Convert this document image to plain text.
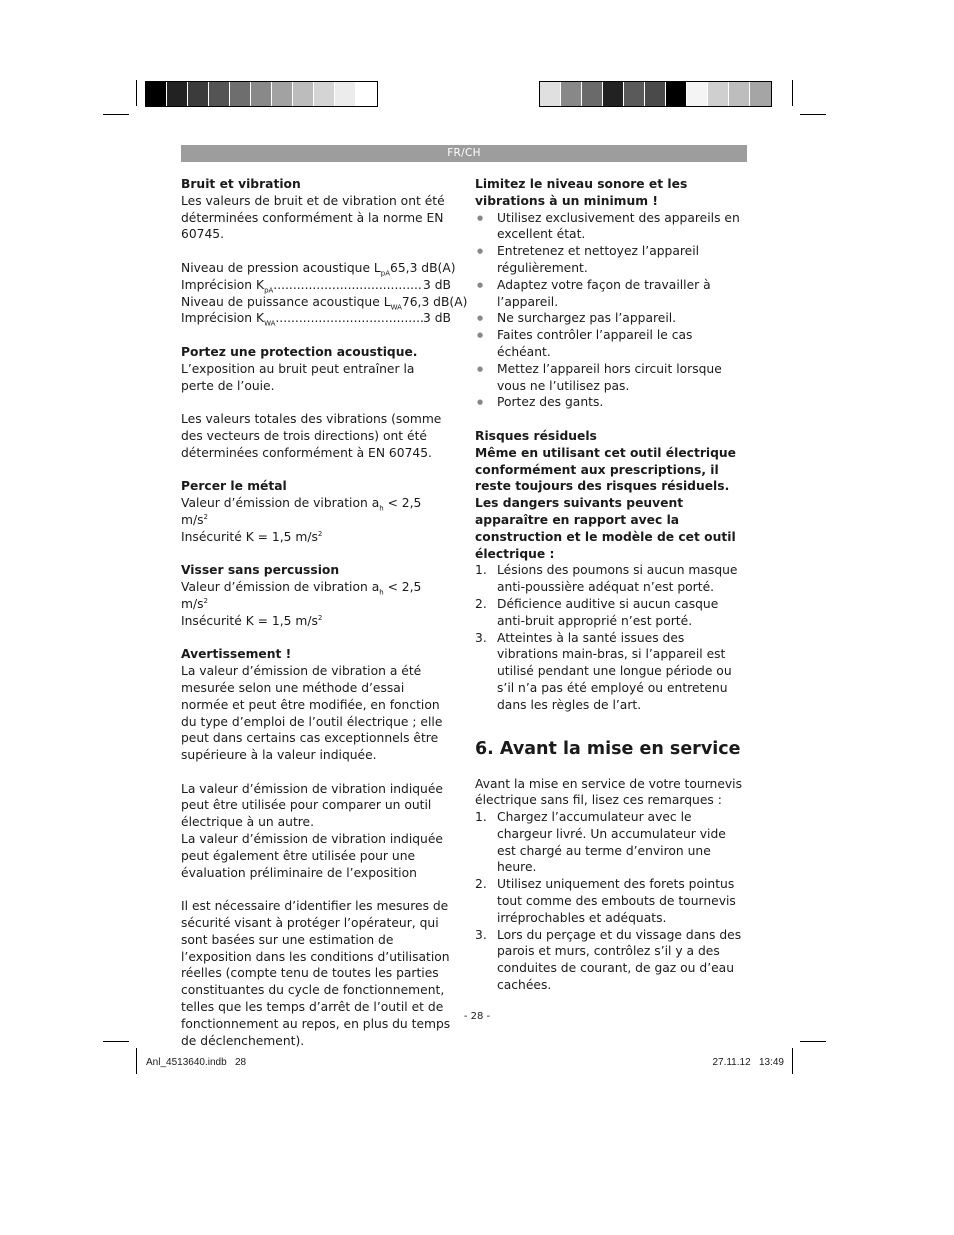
FR/CH

Bruit et vibration

Les valeurs de bruit et de vibration ont été déterminées conformément à la norme EN 60745.

Niveau de pression acoustique $L_{pA}$ 65,3 dB(A)
Imprécision $K_{pA}$ .....	3 dB
Niveau de puissance acoustique $L_{WA}$ 76,3 dB(A)
Imprécision $K_{WA}$ .....	3 dB

Portez une protection acoustique.

L’exposition au bruit peut entraîner la perte de l’ouie.

Les valeurs totales des vibrations (somme des vecteurs de trois directions) ont été déterminées conformément à EN 60745.

Percer le métal

Valeur d’émission de vibration $a_h < 2,5$ $m/s^2$

Insécurité K = 1,5 $m/s^2$

Visser sans percussion

Valeur d’émission de vibration $a_h < 2,5$ $m/s^2$

Insécurité K = 1,5 $m/s^2$

Avertissement !

La valeur d’émission de vibration a été mesurée selon une méthode d’essai normée et peut être modifiée, en fonction du type d’emploi de l’outil électrique ; elle peut dans certains cas exceptionnels être supérieure à la valeur indiquée.

La valeur d’émission de vibration indiquée peut être utilisée pour comparer un outil électrique à un autre.

La valeur d’émission de vibration indiquée peut également être utilisée pour une évaluation préliminaire de l’exposition

Il est nécessaire d’identifier les mesures de sécurité visant à protéger l’opérateur, qui sont basées sur une estimation de l’exposition dans les conditions d’utilisation réelles (compte tenu de toutes les parties constituantes du cycle de fonctionnement, telles que les temps d’arrêt de l’outil et de fonctionnement au repos, en plus du temps de déclenchement).

Limitez le niveau sonore et les vibrations à un minimum !

● Utilisez exclusivement des appareils en excellent état.
● Entretenez et nettoyez l’appareil régulièrement.
● Adaptez votre façon de travailler à l’appareil.
● Ne surchargez pas l’appareil.
● Faites contrôler l’appareil le cas échéant.
● Mettez l’appareil hors circuit lorsque vous ne l’utilisez pas.
● Portez des gants.

Risques résiduels

Même en utilisant cet outil électrique conformément aux prescriptions, il reste toujours des risques résiduels. Les dangers suivants peuvent apparaître en rapport avec la construction et le modèle de cet outil électrique :

1. Lésions des poumons si aucun masque anti-poussière adéquat n’est porté.
2. Déficience auditive si aucun casque anti-bruit approprié n’est porté.
3. Atteintes à la santé issues des vibrations main-bras, si l’appareil est utilisé pendant une longue période ou s’il n’a pas été employé ou entretenu dans les règles de l’art.
6. Avant la mise en service

Avant la mise en service de votre tournevis électrique sans fil, lisez ces remarques :

1. Chargez l’accumulateur avec le chargeur livré. Un accumulateur vide est chargé au terme d’environ une heure.
2. Utilisez uniquement des forets pointus tout comme des embouts de tournevis irréprochables et adéquats.
3. Lors du perçage et du vissage dans des parois et murs, contrôlez s’il y a des conduites de courant, de gaz ou d’eau cachées.
- 28 -
Anl_4513640.indb   28	27.11.12   13:49
